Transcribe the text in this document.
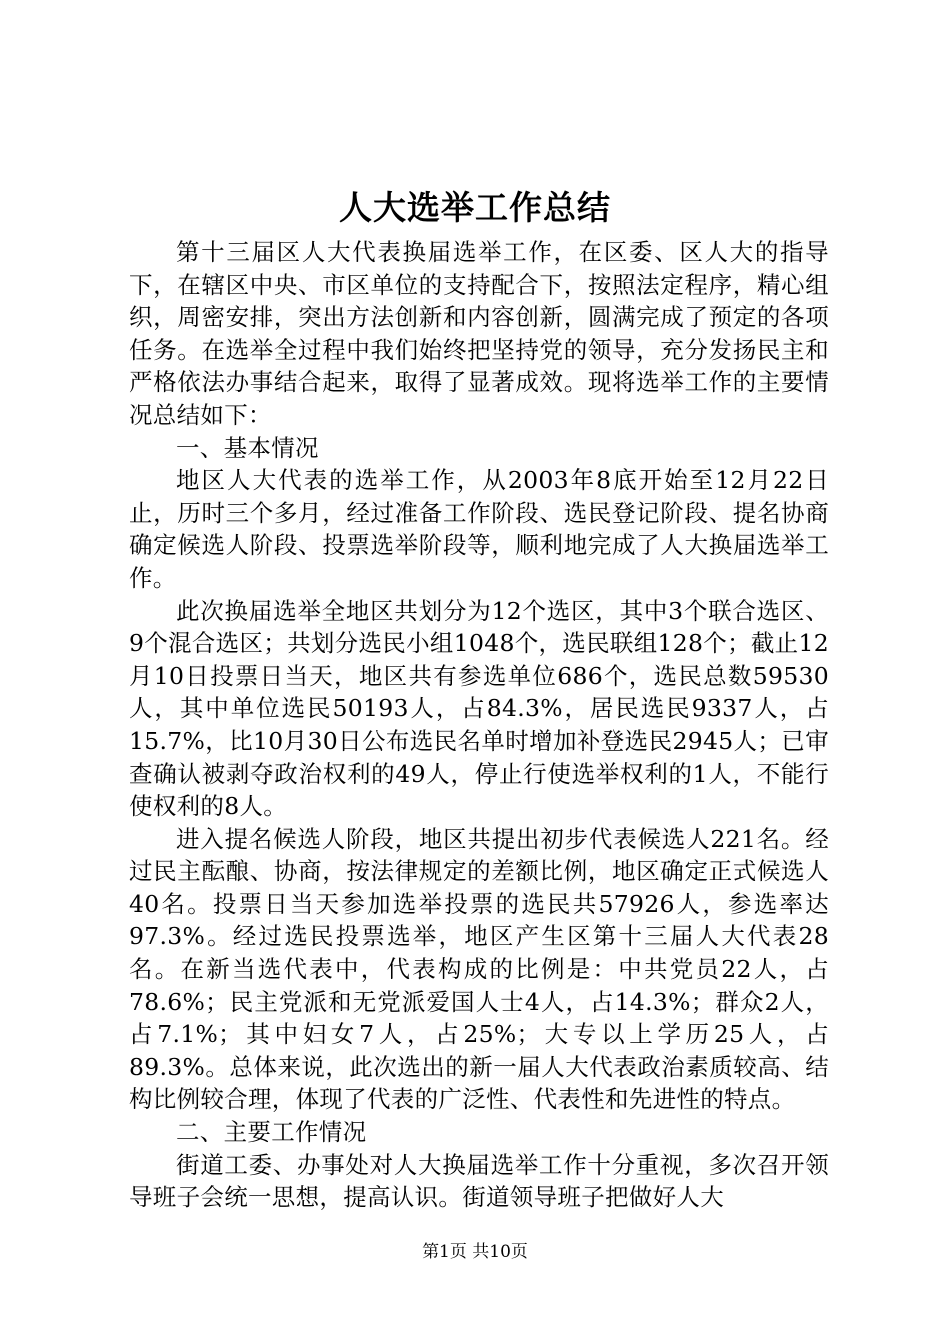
人大选举工作总结

第十三届区人大代表换届选举工作，在区委、区人大的指导下，在辖区中央、市区单位的支持配合下，按照法定程序，精心组织，周密安排，突出方法创新和内容创新，圆满完成了预定的各项任务。在选举全过程中我们始终把坚持党的领导，充分发扬民主和严格依法办事结合起来，取得了显著成效。现将选举工作的主要情况总结如下：

一、基本情况

地区人大代表的选举工作，从2003年8底开始至12月22日止，历时三个多月，经过准备工作阶段、选民登记阶段、提名协商确定候选人阶段、投票选举阶段等，顺利地完成了人大换届选举工作。

此次换届选举全地区共划分为12个选区，其中3个联合选区、9个混合选区；共划分选民小组1048个，选民联组128个；截止12月10日投票日当天，地区共有参选单位686个，选民总数59530人，其中单位选民50193人，占84.3%，居民选民9337人，占15.7%，比10月30日公布选民名单时增加补登选民2945人；已审查确认被剥夺政治权利的49人，停止行使选举权利的1人，不能行使权利的8人。

进入提名候选人阶段，地区共提出初步代表候选人221名。经过民主酝酿、协商，按法律规定的差额比例，地区确定正式候选人40名。投票日当天参加选举投票的选民共57926人，参选率达97.3%。经过选民投票选举，地区产生区第十三届人大代表28名。在新当选代表中，代表构成的比例是：中共党员22人，占78.6%；民主党派和无党派爱国人士4人，占14.3%；群众2人，占7.1%；其中妇女7人，占25%；大专以上学历25人，占89.3%。总体来说，此次选出的新一届人大代表政治素质较高、结构比例较合理，体现了代表的广泛性、代表性和先进性的特点。

二、主要工作情况

街道工委、办事处对人大换届选举工作十分重视，多次召开领导班子会统一思想，提高认识。街道领导班子把做好人大

第1页 共10页
